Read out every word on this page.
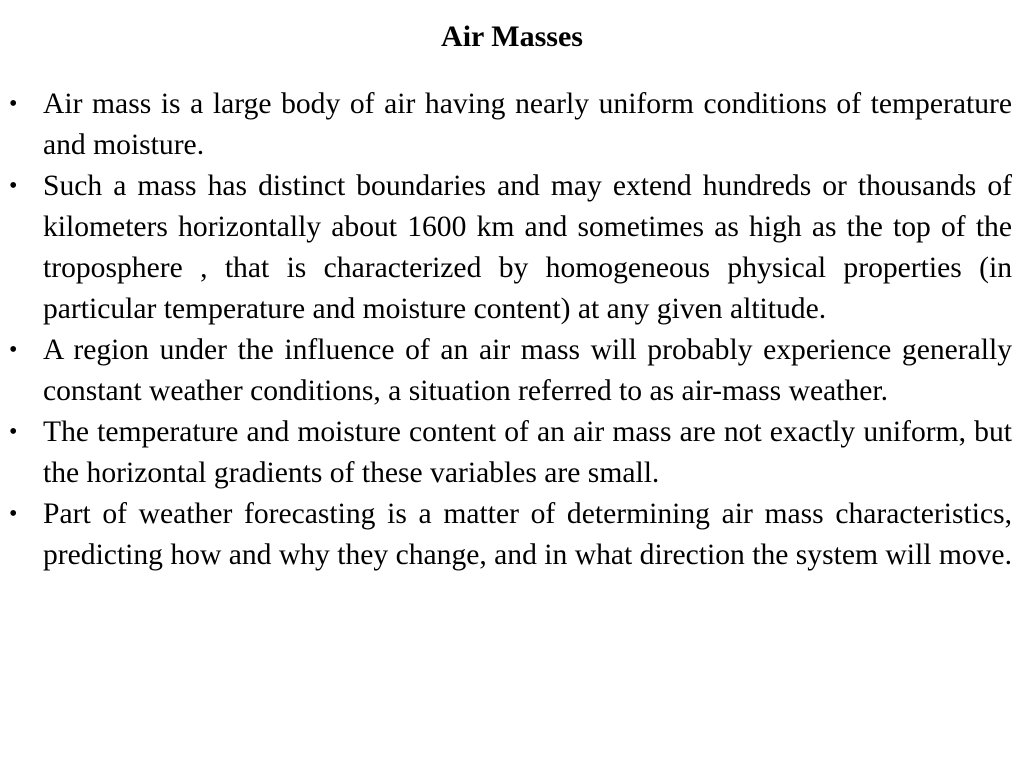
Air Masses
• Air mass is a large body of air having nearly uniform conditions of temperature and moisture.
• Such a mass has distinct boundaries and may extend hundreds or thousands of kilometers horizontally about 1600 km and sometimes as high as the top of the troposphere , that is characterized by homogeneous physical properties (in particular temperature and moisture content) at any given altitude.
• A region under the influence of an air mass will probably experience generally constant weather conditions, a situation referred to as air-mass weather.
• The temperature and moisture content of an air mass are not exactly uniform, but the horizontal gradients of these variables are small.
• Part of weather forecasting is a matter of determining air mass characteristics, predicting how and why they change, and in what direction the system will move.
